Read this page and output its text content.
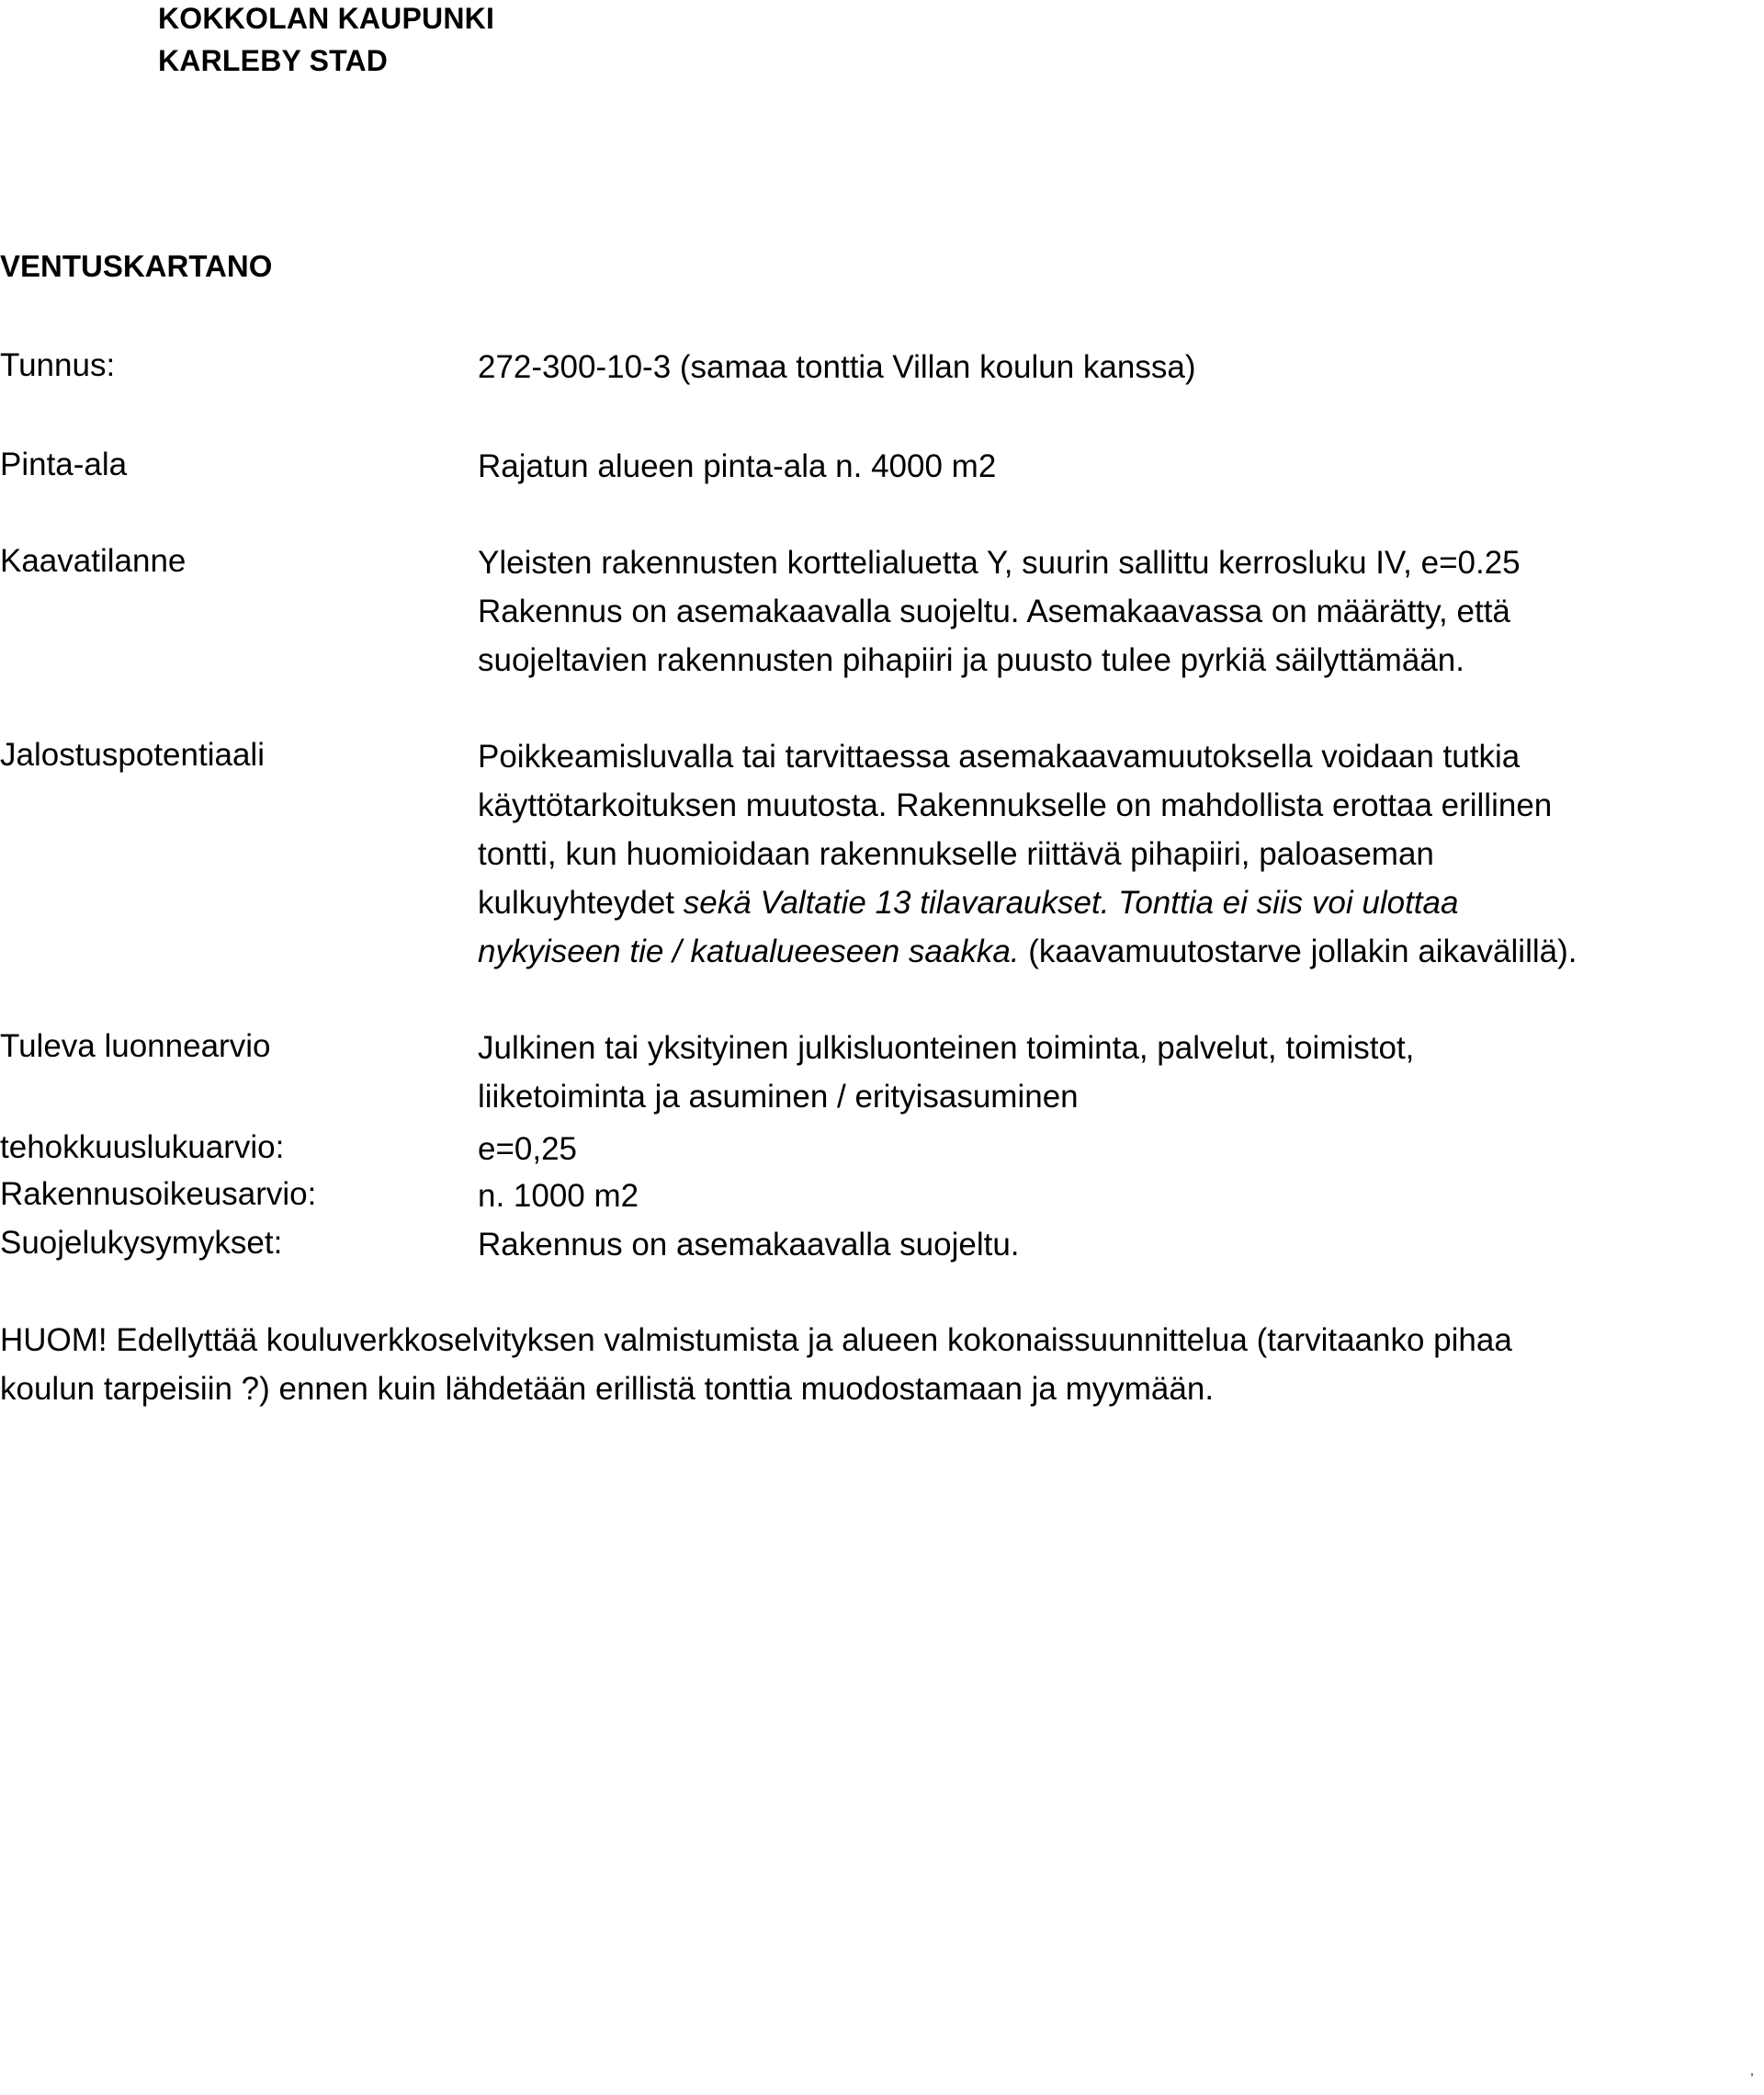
KOKKOLAN KAUPUNKI
KARLEBY STAD
VENTUSKARTANO
Tunnus:	272-300-10-3 (samaa tonttia Villan koulun kanssa)
Pinta-ala	Rajatun alueen pinta-ala n. 4000 m2
Kaavatilanne	Yleisten rakennusten korttelialuetta Y, suurin sallittu kerrosluku IV, e=0.25
Rakennus on asemakaavalla suojeltu. Asemakaavassa on määrätty, että
suojeltavien rakennusten pihapiiri ja puusto tulee pyrkiä säilyttämään.
Jalostuspotentiaali	Poikkeamisluvalla tai tarvittaessa asemakaavamuutoksella voidaan tutkia
käyttötarkoituksen muutosta. Rakennukselle on mahdollista erottaa erillinen
tontti, kun huomioidaan rakennukselle riittävä pihapiiri, paloaseman
kulkuyhteydet sekä Valtatie 13 tilavaraukset. Tonttia ei siis voi ulottaa
nykyiseen tie / katualueeseen saakka. (kaavamuutostarve jollakin aikavälillä).
Tuleva luonnearvio	Julkinen tai yksityinen julkisluonteinen toiminta, palvelut, toimistot,
liiketoiminta ja asuminen / erityisasuminen
tehokkuuslukuarvio:	e=0,25
Rakennusoikeusarvio:	n. 1000 m2
Suojelukysymykset:	Rakennus on asemakaavalla suojeltu.
HUOM! Edellyttää kouluverkkoselvityksen valmistumista ja alueen kokonaissuunnittelua (tarvitaanko pihaa
koulun tarpeisiin ?) ennen kuin lähdetään erillistä tonttia muodostamaan ja myymään.
,
